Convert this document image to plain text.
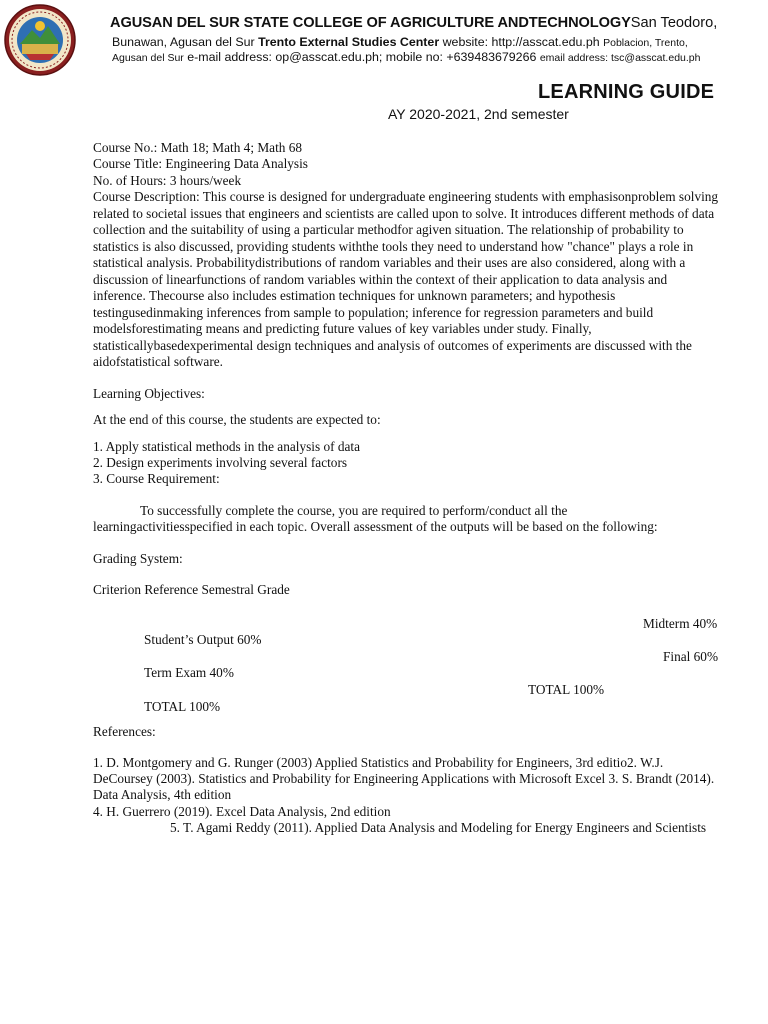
AGUSAN DEL SUR STATE COLLEGE OF AGRICULTURE ANDTECHNOLOGYSan Teodoro,
Bunawan, Agusan del Sur Trento External Studies Center website: http://asscat.edu.ph Poblacion, Trento,
Agusan del Sur e-mail address: op@asscat.edu.ph; mobile no: +639483679266 email address: tsc@asscat.edu.ph
LEARNING GUIDE
AY 2020-2021, 2nd semester
Course No.: Math 18; Math 4; Math 68
Course Title: Engineering Data Analysis
No. of Hours: 3 hours/week

Course Description: This course is designed for undergraduate engineering students with emphasisonproblem solving

related to societal issues that engineers and scientists are called upon to solve. It introduces different methods of data

collection and the suitability of using a particular methodfor agiven situation. The relationship of probability to

statistics is also discussed, providing students withthe tools they need to understand how "chance" plays a role in

statistical analysis. Probabilitydistributions of random variables and their uses are also considered, along with a

discussion of linearfunctions of random variables within the context of their application to data analysis and

inference. Thecourse also includes estimation techniques for unknown parameters; and hypothesis

testingusedinmaking inferences from sample to population; inference for regression parameters and build

modelsforestimating means and predicting future values of key variables under study. Finally,

statisticallybasedexperimental design techniques and analysis of outcomes of experiments are discussed with the

aidofstatistical software.

Learning Objectives:
At the end of this course, the students are expected to:
1. Apply statistical methods in the analysis of data
2. Design experiments involving several factors
3. Course Requirement:
To successfully complete the course, you are required to perform/conduct all the
learningactivitiesspecified in each topic. Overall assessment of the outputs will be based on the following:
Grading System:
Criterion Reference Semestral Grade
Midterm 40%
Student’s Output 60%
Final 60%
Term Exam 40%
TOTAL 100%
TOTAL 100%
References:
1. D. Montgomery and G. Runger (2003) Applied Statistics and Probability for Engineers, 3rd editio2. W.J.
DeCoursey (2003). Statistics and Probability for Engineering Applications with Microsoft Excel 3. S. Brandt (2014).
Data Analysis, 4th edition
4. H. Guerrero (2019). Excel Data Analysis, 2nd edition
5. T. Agami Reddy (2011). Applied Data Analysis and Modeling for Energy Engineers and Scientists
